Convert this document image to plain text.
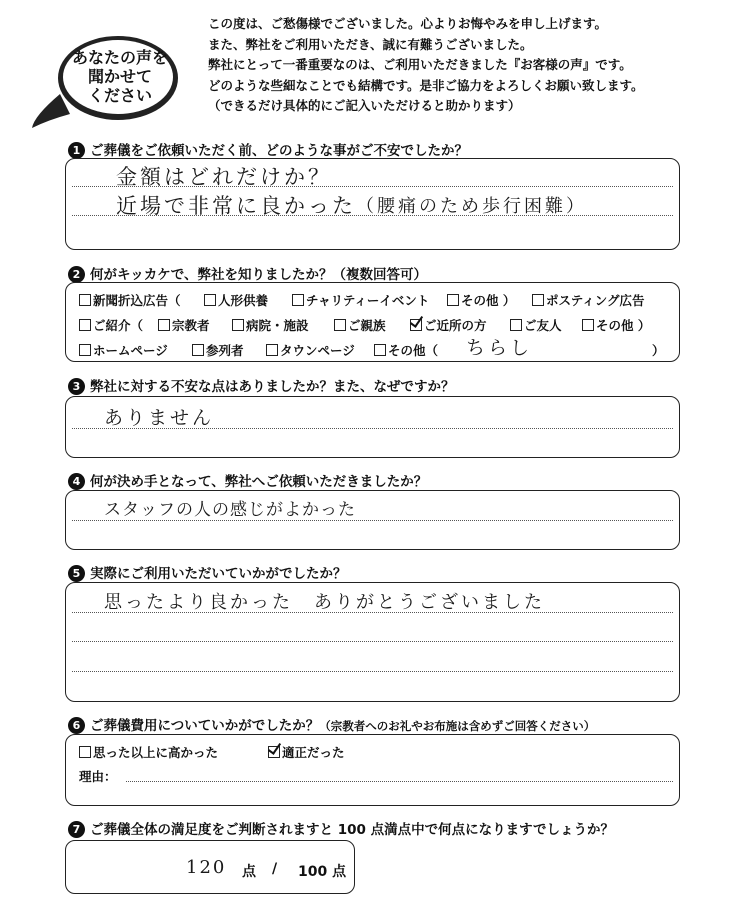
あなたの声を
聞かせて
ください
この度は、ご愁傷様でございました。心よりお悔やみを申し上げます。
また、弊社をご利用いただき、誠に有難うございました。
弊社にとって一番重要なのは、ご利用いただきました『お客様の声』です。
どのような些細なことでも結構です。是非ご協力をよろしくお願い致します。
（できるだけ具体的にご記入いただけると助かります）
1 ご葬儀をご依頼いただく前、どのような事がご不安でしたか？
金額はどれだけか？
近場で非常に良かった （腰痛のため歩行困難）
2 何がキッカケで、弊社を知りましたか？（複数回答可）
新聞折込広告（	人形供養	チャリティーイベント	その他 ）	ポスティング広告
ご紹介（	宗教者	病院・施設	ご親族	ご近所の方	ご友人	その他 ）
ホームページ	参列者	タウンページ	その他（ ちらし	）
3 弊社に対する不安な点はありましたか？また、なぜですか？
ありません
4 何が決め手となって、弊社へご依頼いただきましたか？
スタッフの人の感じがよかった
5 実際にご利用いただいていかがでしたか？
思ったより良かった ありがとうございました
6 ご葬儀費用についていかがでしたか？（宗教者へのお礼やお布施は含めずご回答ください）
思った以上に高かった	適正だった
理由：
7 ご葬儀全体の満足度をご判断されますと 100 点満点中で何点になりますでしょうか？
120 点 / 100 点
